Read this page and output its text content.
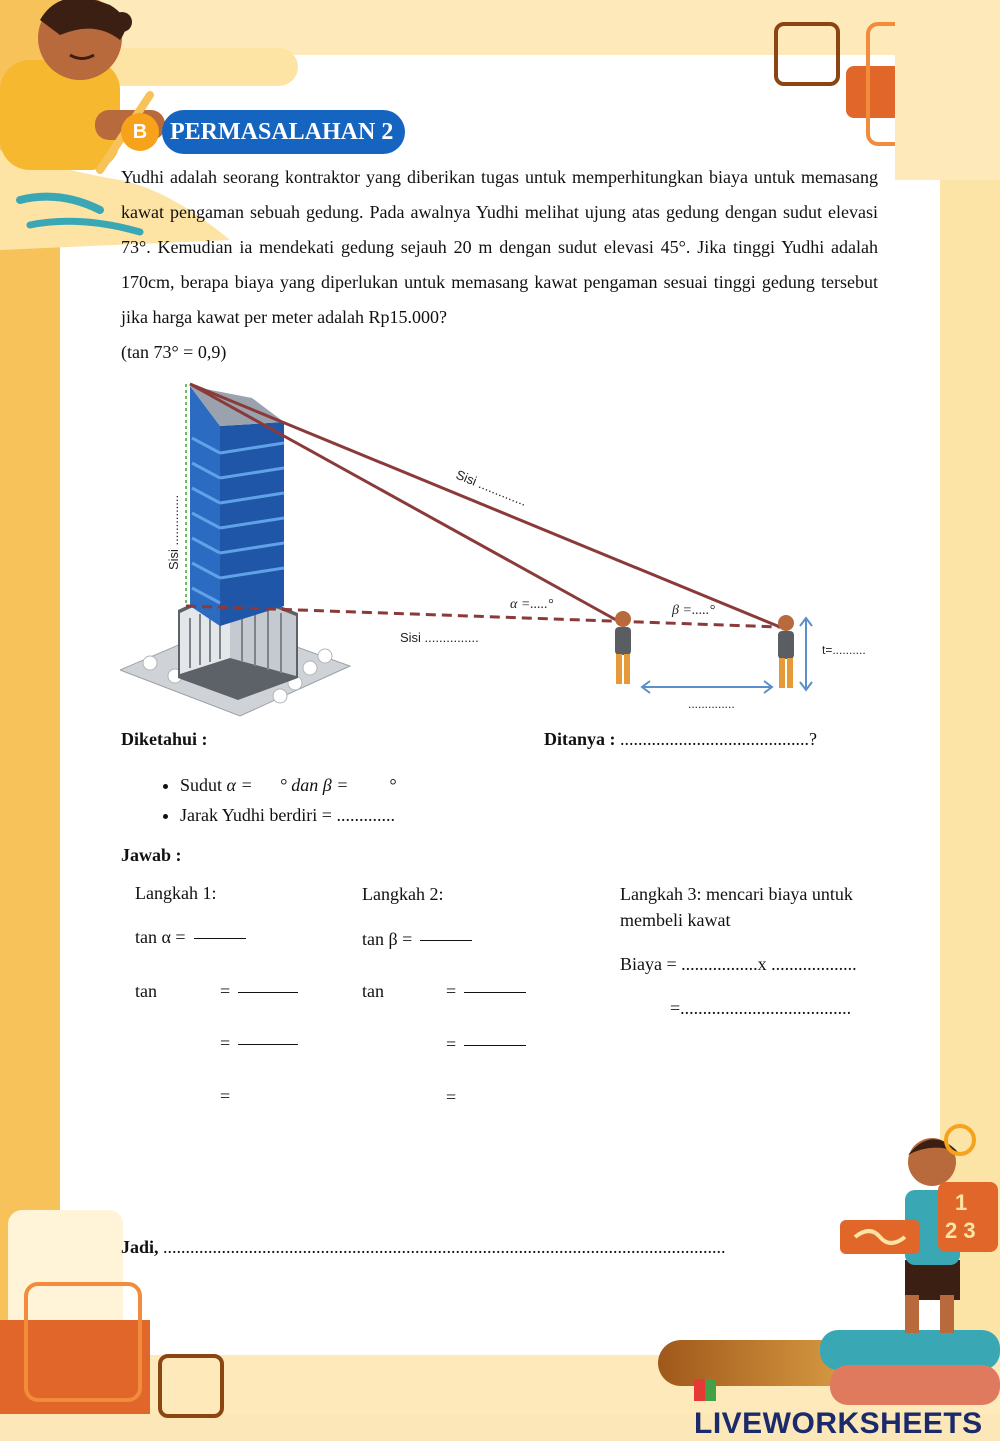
1
2 3
B PERMASALAHAN 2

Yudhi adalah seorang kontraktor yang diberikan tugas untuk memperhitungkan biaya untuk memasang kawat pengaman sebuah gedung. Pada awalnya Yudhi melihat ujung atas gedung dengan sudut elevasi 73°. Kemudian ia mendekati gedung sejauh 20 m dengan sudut elevasi 45°. Jika tinggi Yudhi adalah 170cm, berapa biaya yang diperlukan untuk memasang kawat pengaman sesuai tinggi gedung tersebut jika harga kawat per meter adalah Rp15.000?

(tan 73° = 0,9)

Sisi ..............
Sisi ..............
Sisi ...............
α =.....°	β =.....°
t=..........
..............
Diketahui :	Ditanya : ..........................................?
• Sudut α =      ° dan β =         °
• Jarak Yudhi berdiri = .............
Jawab :
Langkah 1:
tan α =
tan	=
=
=
Langkah 2:
tan β =
tan	=
=
=
Langkah 3: mencari biaya untuk membeli kawat
Biaya = .................x ...................
=......................................
Jadi, .............................................................................................................................
LIVEWORKSHEETS
